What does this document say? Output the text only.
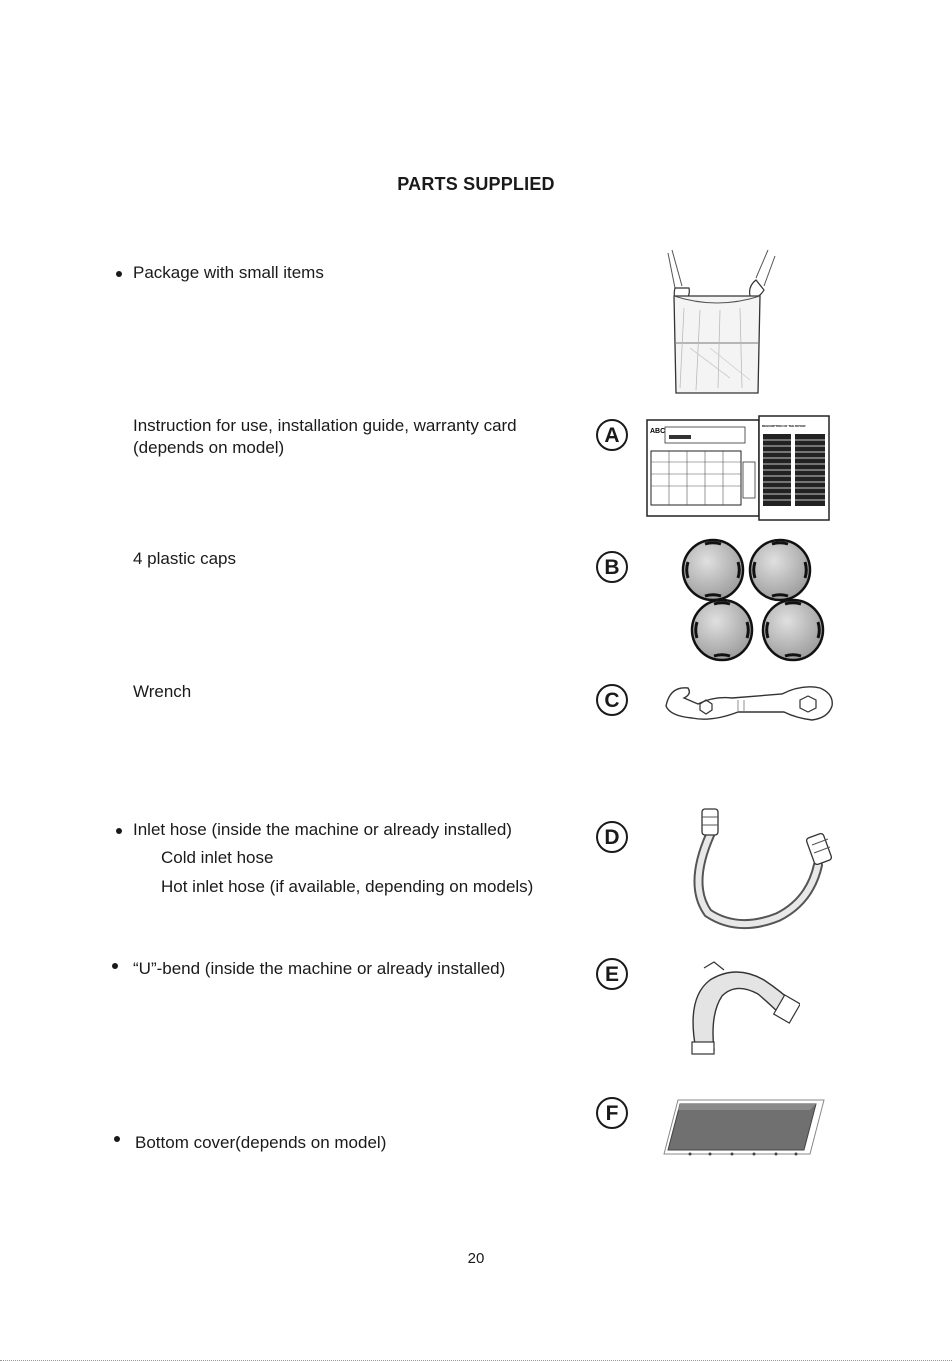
PARTS SUPPLIED
Package with small items
Instruction for use, installation guide, warranty card
(depends on model)
A	ABC
DESCRIPTION OF THE DRYER
4 plastic caps	B
Wrench	C
Inlet hose (inside the machine or already installed)
Cold inlet hose
Hot inlet hose (if available, depending on models)
D
“U”-bend (inside the machine or already installed)	E
Bottom cover(depends on model)
F
20
